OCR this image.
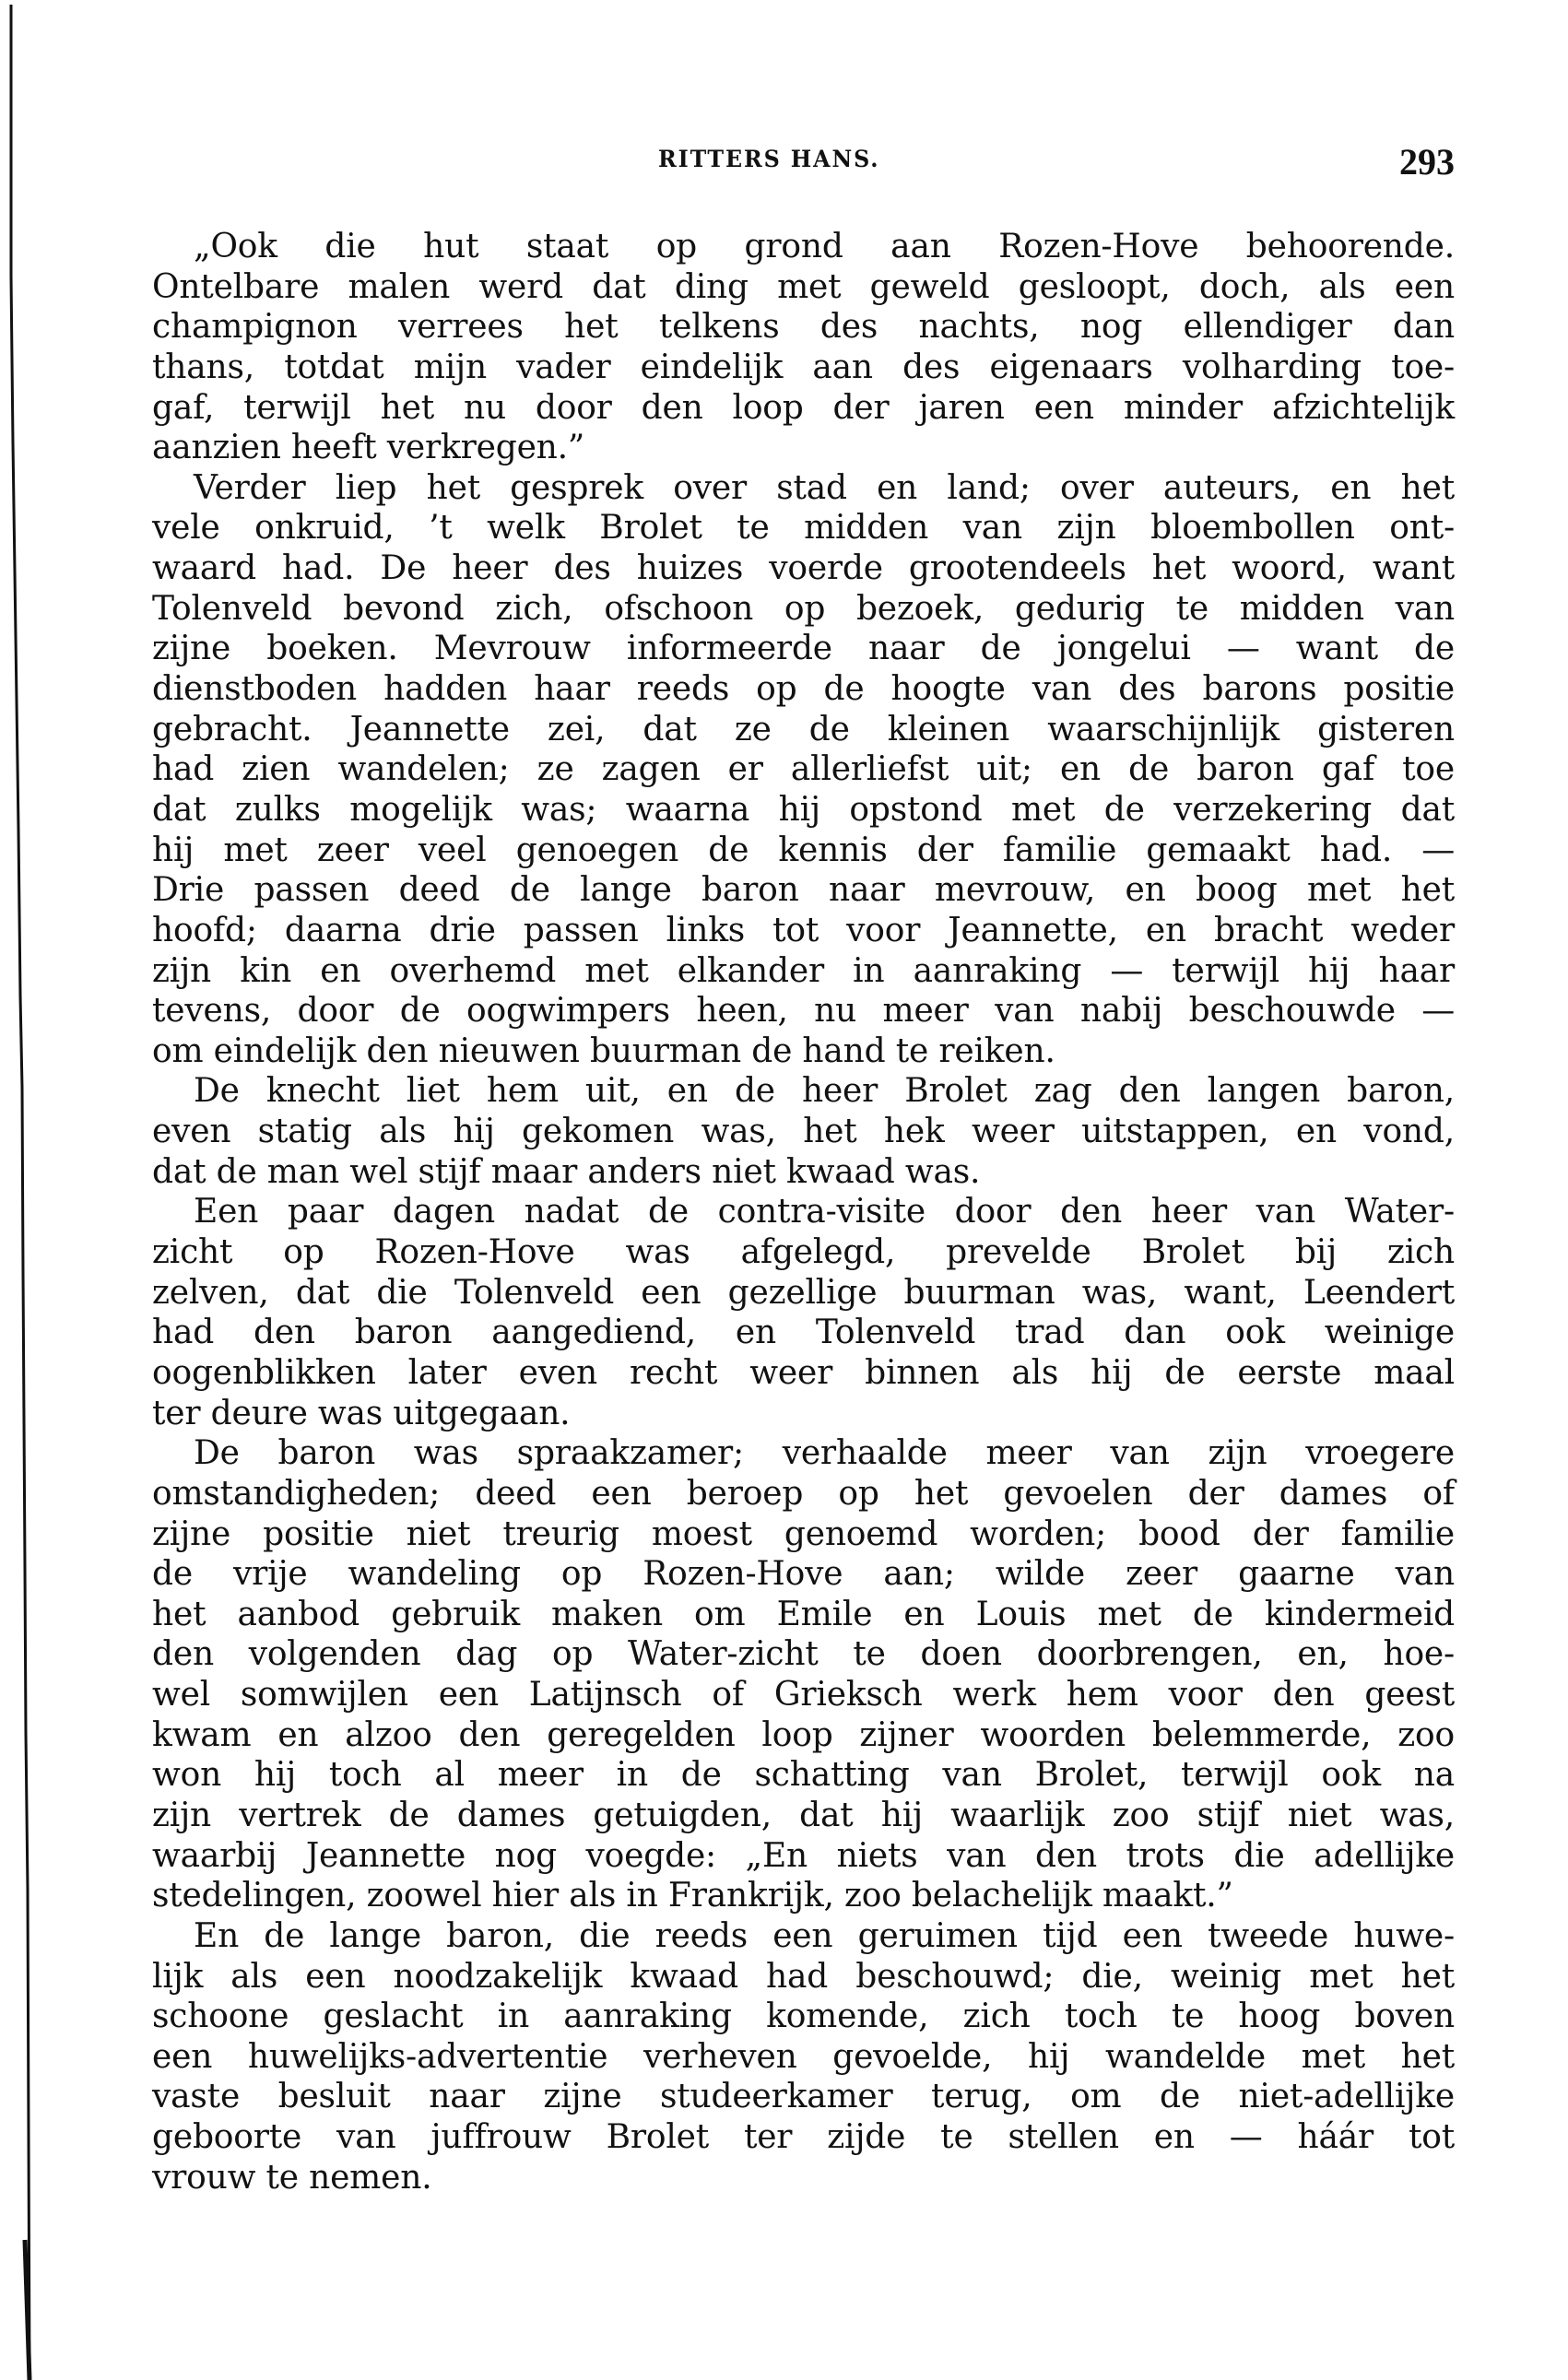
RITTERS HANS.	293
„Ook die hut staat op grond aan Rozen-Hove behoorende.
Ontelbare malen werd dat ding met geweld gesloopt, doch, als een
champignon verrees het telkens des nachts, nog ellendiger dan
thans, totdat mijn vader eindelijk aan des eigenaars volharding toe-
gaf, terwijl het nu door den loop der jaren een minder afzichtelijk
aanzien heeft verkregen.”
Verder liep het gesprek over stad en land; over auteurs, en het
vele onkruid, ’t welk Brolet te midden van zijn bloembollen ont-
waard had. De heer des huizes voerde grootendeels het woord, want
Tolenveld bevond zich, ofschoon op bezoek, gedurig te midden van
zijne boeken. Mevrouw informeerde naar de jongelui — want de
dienstboden hadden haar reeds op de hoogte van des barons positie
gebracht. Jeannette zei, dat ze de kleinen waarschijnlijk gisteren
had zien wandelen; ze zagen er allerliefst uit; en de baron gaf toe
dat zulks mogelijk was; waarna hij opstond met de verzekering dat
hij met zeer veel genoegen de kennis der familie gemaakt had. —
Drie passen deed de lange baron naar mevrouw, en boog met het
hoofd; daarna drie passen links tot voor Jeannette, en bracht weder
zijn kin en overhemd met elkander in aanraking — terwijl hij haar
tevens, door de oogwimpers heen, nu meer van nabij beschouwde —
om eindelijk den nieuwen buurman de hand te reiken.
De knecht liet hem uit, en de heer Brolet zag den langen baron,
even statig als hij gekomen was, het hek weer uitstappen, en vond,
dat de man wel stijf maar anders niet kwaad was.
Een paar dagen nadat de contra-visite door den heer van Water-
zicht op Rozen-Hove was afgelegd, prevelde Brolet bij zich
zelven, dat die Tolenveld een gezellige buurman was, want, Leendert
had den baron aangediend, en Tolenveld trad dan ook weinige
oogenblikken later even recht weer binnen als hij de eerste maal
ter deure was uitgegaan.
De baron was spraakzamer; verhaalde meer van zijn vroegere
omstandigheden; deed een beroep op het gevoelen der dames of
zijne positie niet treurig moest genoemd worden; bood der familie
de vrije wandeling op Rozen-Hove aan; wilde zeer gaarne van
het aanbod gebruik maken om Emile en Louis met de kindermeid
den volgenden dag op Water-zicht te doen doorbrengen, en, hoe-
wel somwijlen een Latijnsch of Grieksch werk hem voor den geest
kwam en alzoo den geregelden loop zijner woorden belemmerde, zoo
won hij toch al meer in de schatting van Brolet, terwijl ook na
zijn vertrek de dames getuigden, dat hij waarlijk zoo stijf niet was,
waarbij Jeannette nog voegde: „En niets van den trots die adellijke
stedelingen, zoowel hier als in Frankrijk, zoo belachelijk maakt.”
En de lange baron, die reeds een geruimen tijd een tweede huwe-
lijk als een noodzakelijk kwaad had beschouwd; die, weinig met het
schoone geslacht in aanraking komende, zich toch te hoog boven
een huwelijks-advertentie verheven gevoelde, hij wandelde met het
vaste besluit naar zijne studeerkamer terug, om de niet-adellijke
geboorte van juffrouw Brolet ter zijde te stellen en — háár tot
vrouw te nemen.
